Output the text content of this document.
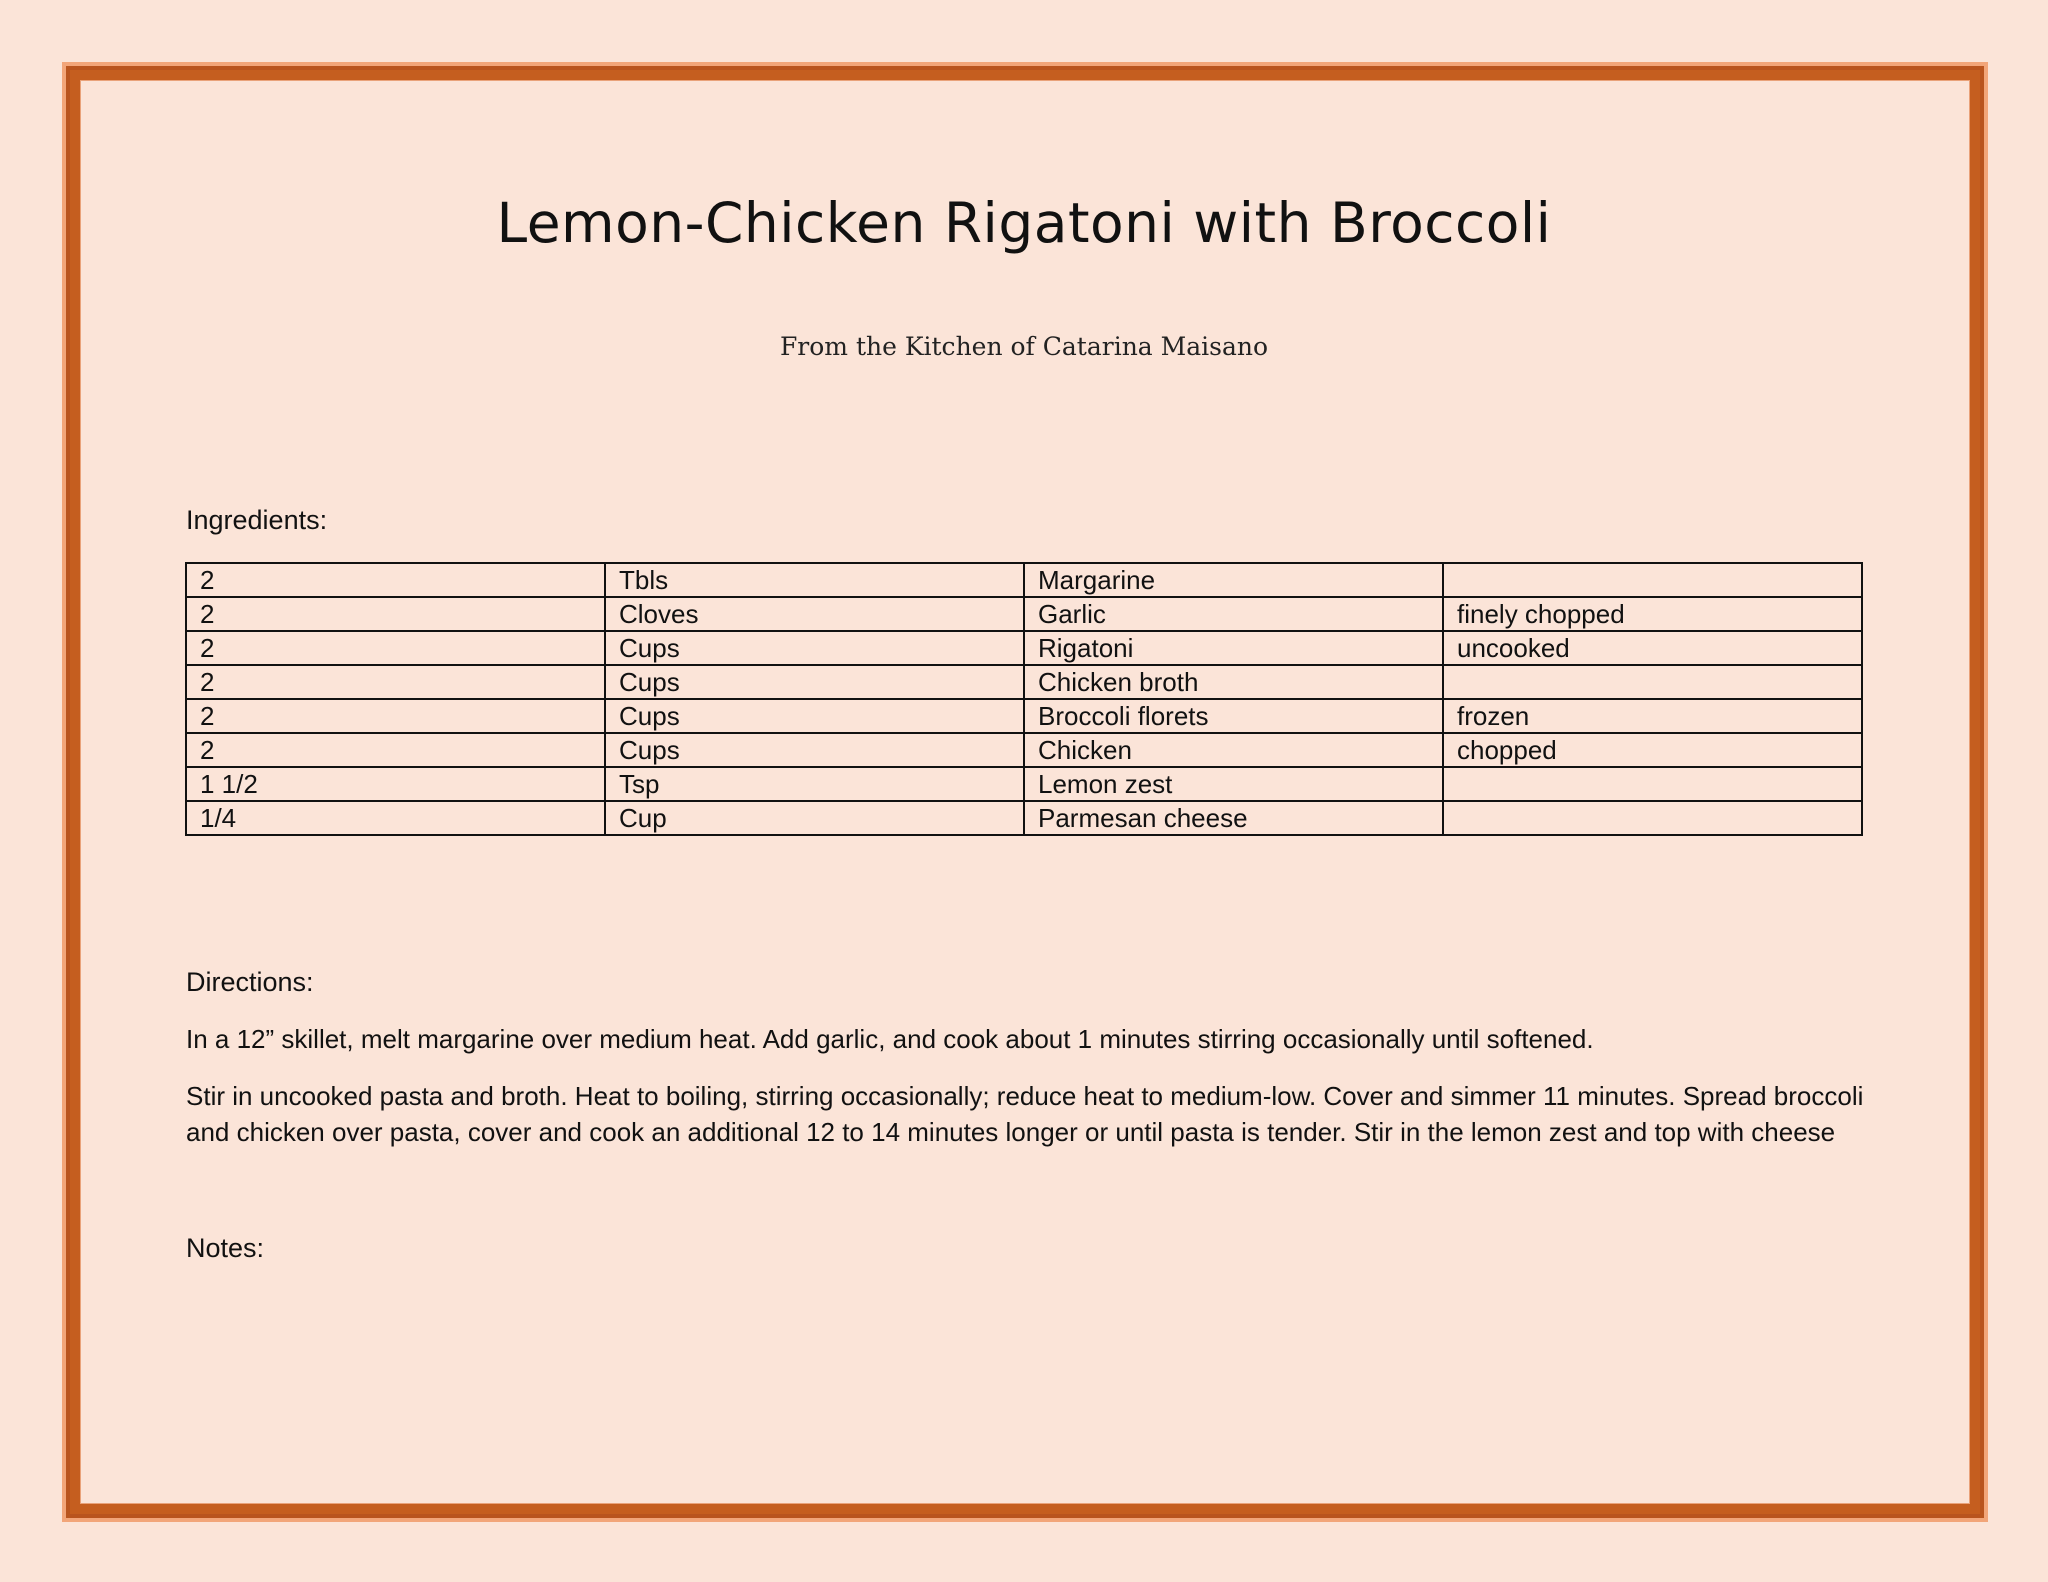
Lemon-Chicken Rigatoni with Broccoli
From the Kitchen of Catarina Maisano
Ingredients:
2	Tbls	Margarine	
2	Cloves	Garlic	finely chopped
2	Cups	Rigatoni	uncooked
2	Cups	Chicken broth	
2	Cups	Broccoli florets	frozen
2	Cups	Chicken	chopped
1 1/2	Tsp	Lemon zest	
1/4	Cup	Parmesan cheese	
Directions:

In a 12” skillet, melt margarine over medium heat. Add garlic, and cook about 1 minutes stirring occasionally until softened.

Stir in uncooked pasta and broth. Heat to boiling, stirring occasionally; reduce heat to medium-low. Cover and simmer 11 minutes. Spread broccoli and chicken over pasta, cover and cook an additional 12 to 14 minutes longer or until pasta is tender. Stir in the lemon zest and top with cheese

Notes:
